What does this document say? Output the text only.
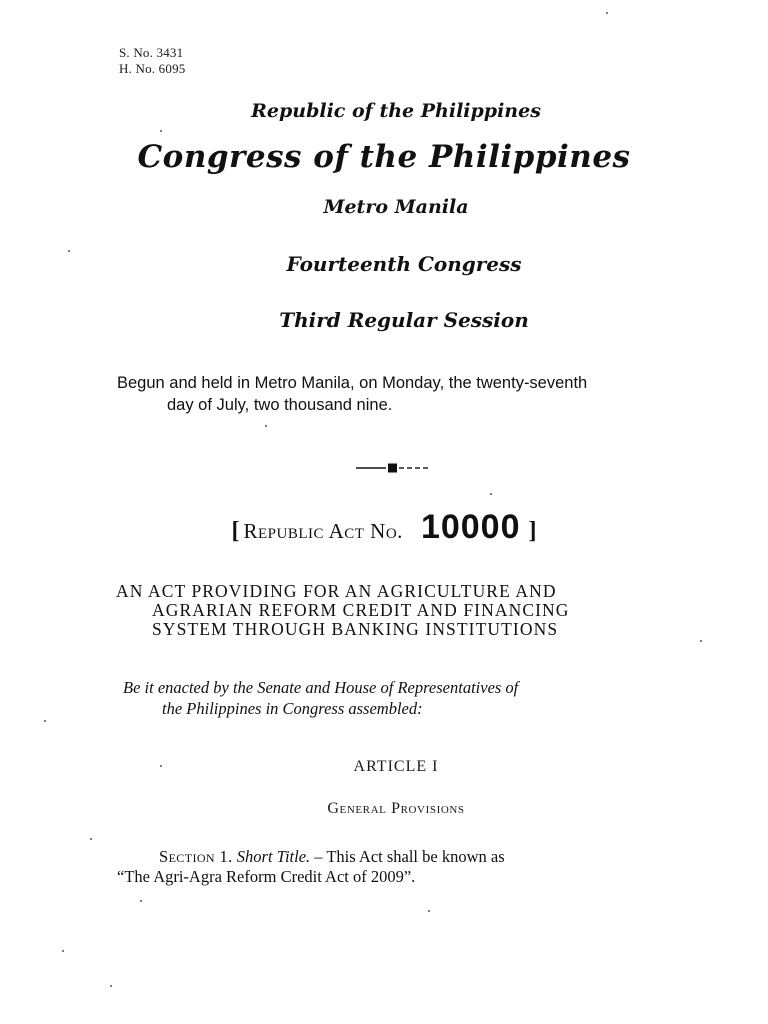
S. No. 3431
H. No. 6095
Republic of the Philippines
Congress of the Philippines
Metro Manila
Fourteenth Congress
Third Regular Session
Begun and held in Metro Manila, on Monday, the twenty-seventh
day of July, two thousand nine.
[ Republic Act No. 10000 ]
AN ACT PROVIDING FOR AN AGRICULTURE AND
AGRARIAN REFORM CREDIT AND FINANCING
SYSTEM THROUGH BANKING INSTITUTIONS
Be it enacted by the Senate and House of Representatives of
the Philippines in Congress assembled:
ARTICLE I
General Provisions
Section 1. Short Title. – This Act shall be known as
“The Agri-Agra Reform Credit Act of 2009”.
